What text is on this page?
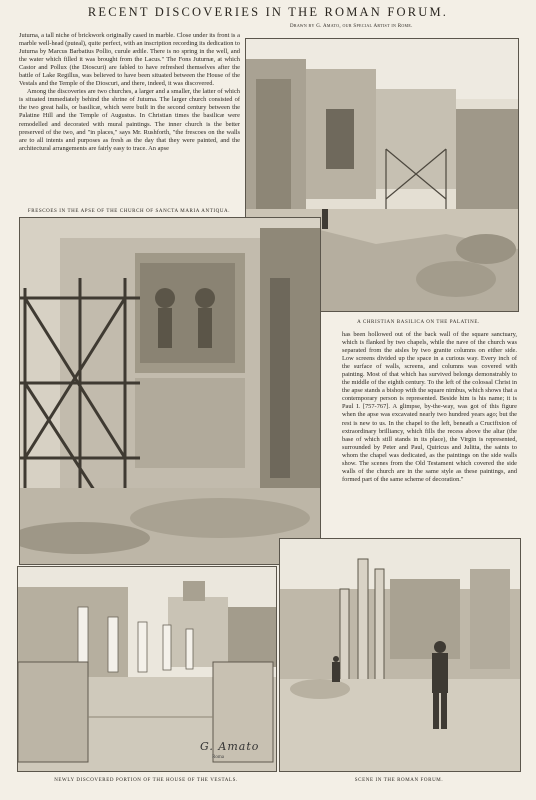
RECENT DISCOVERIES IN THE ROMAN FORUM.
Drawn by G. Amato, our Special Artist in Rome.

Juturna, a tall niche of brickwork originally cased in marble. Close under its front is a marble well-head (puteal), quite perfect, with an inscription recording its dedication to Juturna by Marcus Barbatius Pollio, curule ædile. There is no spring in the well, and the water which filled it was brought from the Lacus." The Fons Juturnæ, at which Castor and Pollux (the Dioscuri) are fabled to have refreshed themselves after the battle of Lake Regillus, was believed to have been situated between the House of the Vestals and the Temple of the Dioscuri, and there, indeed, it was discovered.

Among the discoveries are two churches, a larger and a smaller, the latter of which is situated immediately behind the shrine of Juturna. The larger church consisted of the two great halls, or basilicæ, which were built in the second century between the Palatine Hill and the Temple of Augustus. In Christian times the basilicæ were remodelled and decorated with mural paintings. The inner church is the better preserved of the two, and "in places," says Mr. Rushforth, "the frescoes on the walls are to all intents and purposes as fresh as the day that they were painted, and the architectural arrangements are fairly easy to trace. An apse

A CHRISTIAN BASILICA ON THE PALATINE.
FRESCOES IN THE APSE OF THE CHURCH OF SANCTA MARIA ANTIQUA.

has been hollowed out of the back wall of the square sanctuary, which is flanked by two chapels, while the nave of the church was separated from the aisles by two granite columns on either side. Low screens divided up the space in a curious way. Every inch of the surface of walls, screens, and columns was covered with painting. Most of that which has survived belongs demonstrably to the middle of the eighth century. To the left of the colossal Christ in the apse stands a bishop with the square nimbus, which shows that a contemporary person is represented. Beside him is his name; it is Paul I. [757-767]. A glimpse, by-the-way, was got of this figure when the apse was excavated nearly two hundred years ago; but the rest is new to us. In the chapel to the left, beneath a Crucifixion of extraordinary brilliancy, which fills the recess above the altar (the base of which still stands in its place), the Virgin is represented, surrounded by Peter and Paul, Quiricus and Julitta, the saints to whom the chapel was dedicated, as the paintings on the side walls show. The scenes from the Old Testament which covered the side walls of the church are in the same style as these paintings, and formed part of the same scheme of decoration."

G. Amato
Roma
NEWLY DISCOVERED PORTION OF THE HOUSE OF THE VESTALS.	SCENE IN THE ROMAN FORUM.
